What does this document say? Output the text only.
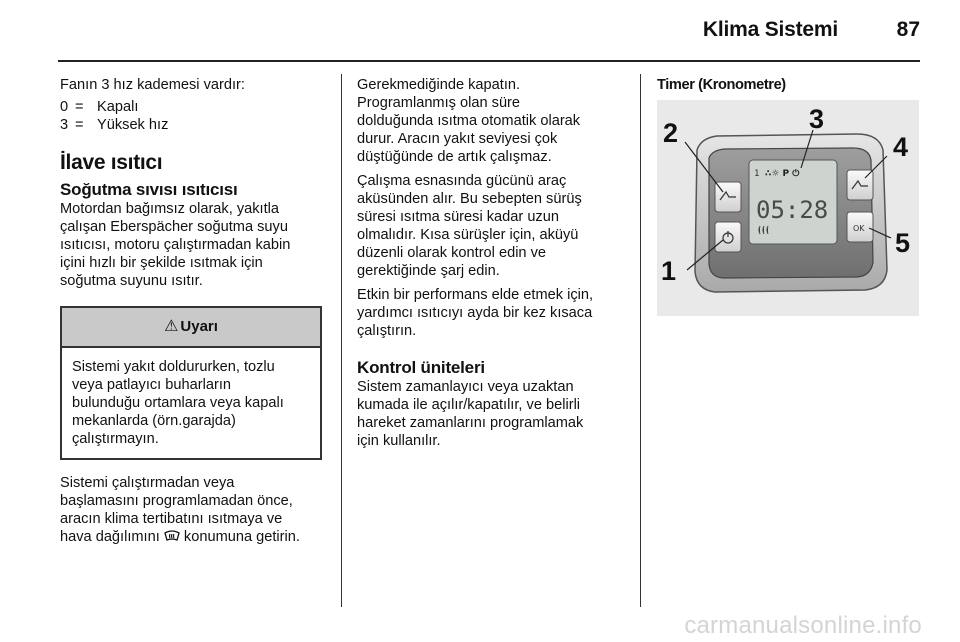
Klima Sistemi	87

Fanın 3 hız kademesi vardır:

0 = Kapalı
3 = Yüksek hız
İlave ısıtıcı
Soğutma sıvısı ısıtıcısı
Motordan bağımsız olarak, yakıtla
çalışan Eberspächer soğutma suyu
ısıtıcısı, motoru çalıştırmadan kabin
içini hızlı bir şekilde ısıtmak için
soğutma suyunu ısıtır.
⚠ Uyarı
Sistemi yakıt doldururken, tozlu
veya patlayıcı buharların
bulunduğu ortamlara veya kapalı
mekanlarda (örn.garajda)
çalıştırmayın.
Sistemi çalıştırmadan veya
başlamasını programlamadan önce,
aracın klima tertibatını ısıtmaya ve
hava dağılımını konumuna getirin.

Gerekmediğinde kapatın.
Programlanmış olan süre
dolduğunda ısıtma otomatik olarak
durur. Aracın yakıt seviyesi çok
düştüğünde de artık çalışmaz.

Çalışma esnasında gücünü araç
aküsünden alır. Bu sebepten sürüş
süresi ısıtma süresi kadar uzun
olmalıdır. Kısa sürüşler için, aküyü
düzenli olarak kontrol edin ve
gerektiğinde şarj edin.

Etkin bir performans elde etmek için,
yardımcı ısıtıcıyı ayda bir kez kısaca
çalıştırın.

Kontrol üniteleri

Sistem zamanlayıcı veya uzaktan
kumada ile açılır/kapatılır, ve belirli
hareket zamanlarını programlamak
için kullanılır.

Timer (Kronometre)
1 ∴☼ P ⏻
05:28
OK
2
1
3
4
5
carmanualsonline.info
